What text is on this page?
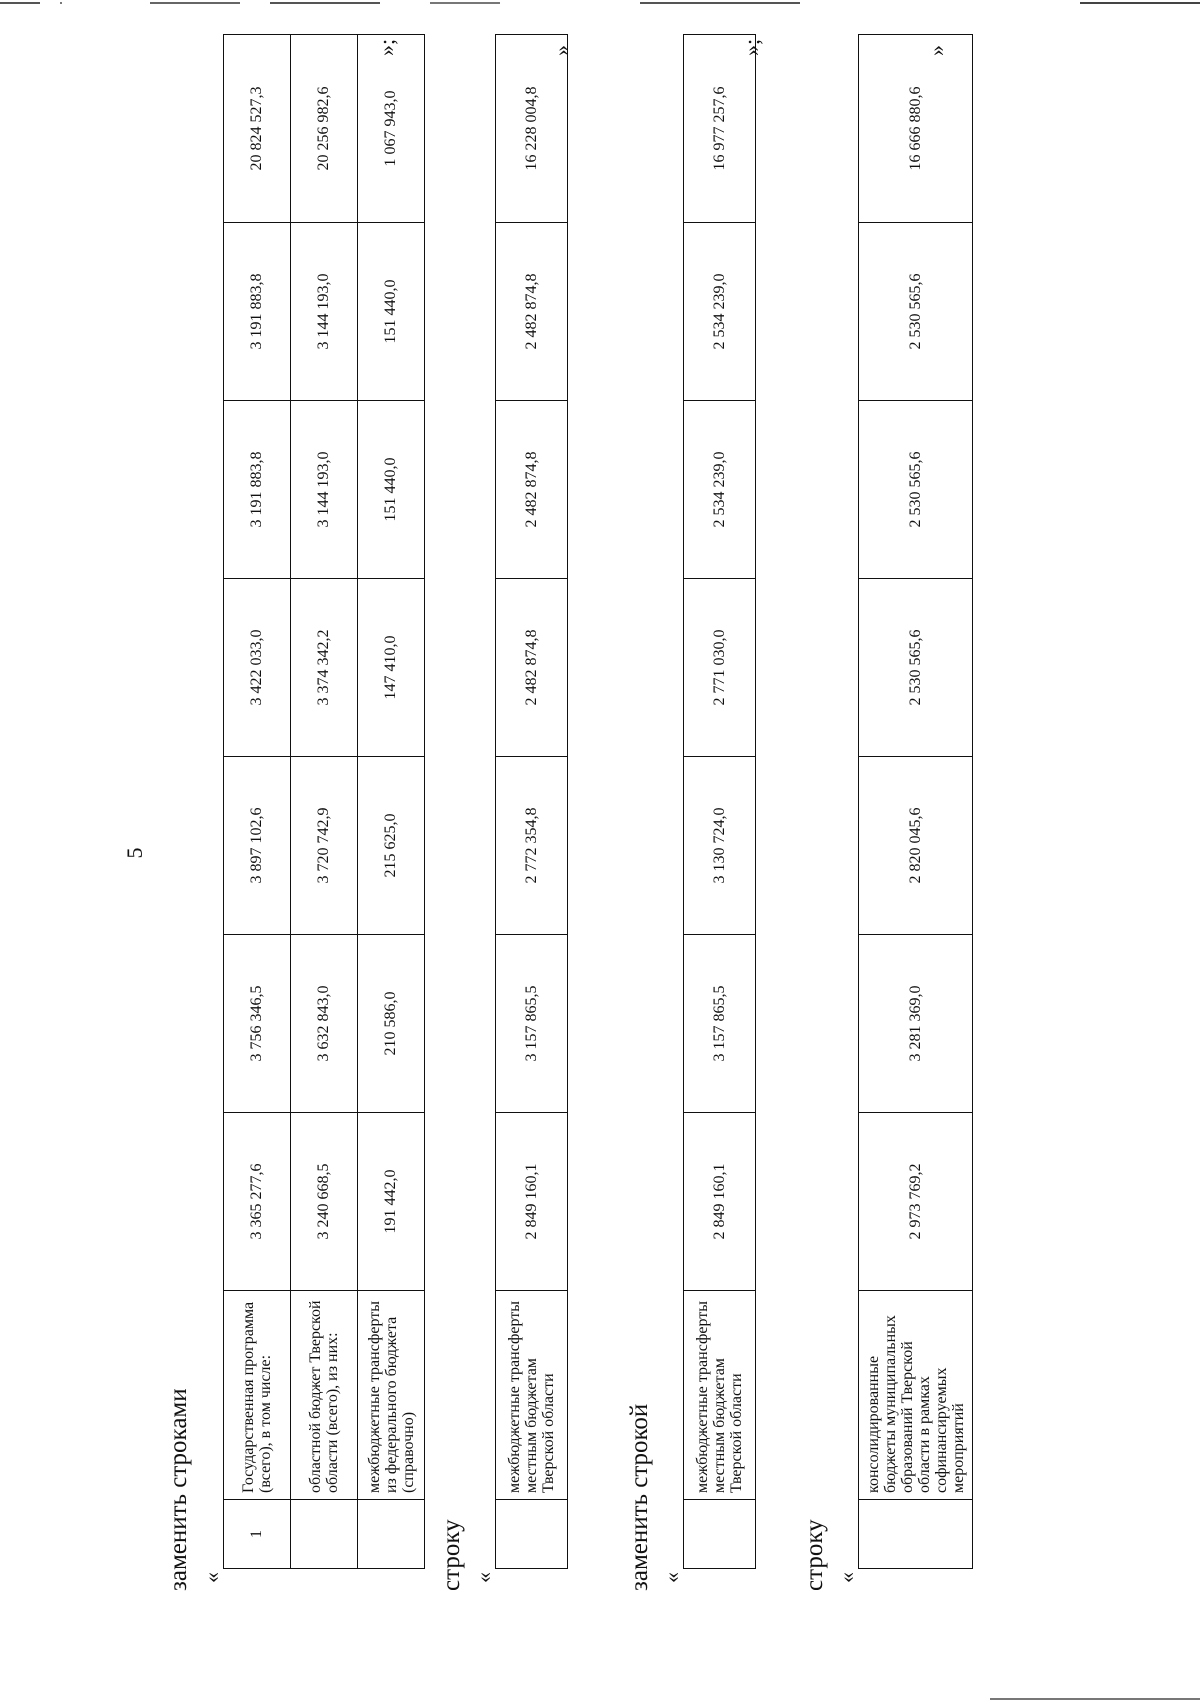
5
заменить строками «
1	Государственная программа (всего), в том числе:	3 365 277,6	3 756 346,5	3 897 102,6	3 422 033,0	3 191 883,8	3 191 883,8	20 824 527,3
	областной бюджет Тверской области (всего), из них:	3 240 668,5	3 632 843,0	3 720 742,9	3 374 342,2	3 144 193,0	3 144 193,0	20 256 982,6
	межбюджетные трансферты из федерального бюджета (справочно)	191 442,0	210 586,0	215 625,0	147 410,0	151 440,0	151 440,0	1 067 943,0
»;
строку «
	межбюджетные трансферты местным бюджетам Тверской области	2 849 160,1	3 157 865,5	2 772 354,8	2 482 874,8	2 482 874,8	2 482 874,8	16 228 004,8
»
заменить строкой «
	межбюджетные трансферты местным бюджетам Тверской области	2 849 160,1	3 157 865,5	3 130 724,0	2 771 030,0	2 534 239,0	2 534 239,0	16 977 257,6
»;
строку «
	консолидированные бюджеты муниципальных образований Тверской области в рамках софинансируемых мероприятий	2 973 769,2	3 281 369,0	2 820 045,6	2 530 565,6	2 530 565,6	2 530 565,6	16 666 880,6
»
